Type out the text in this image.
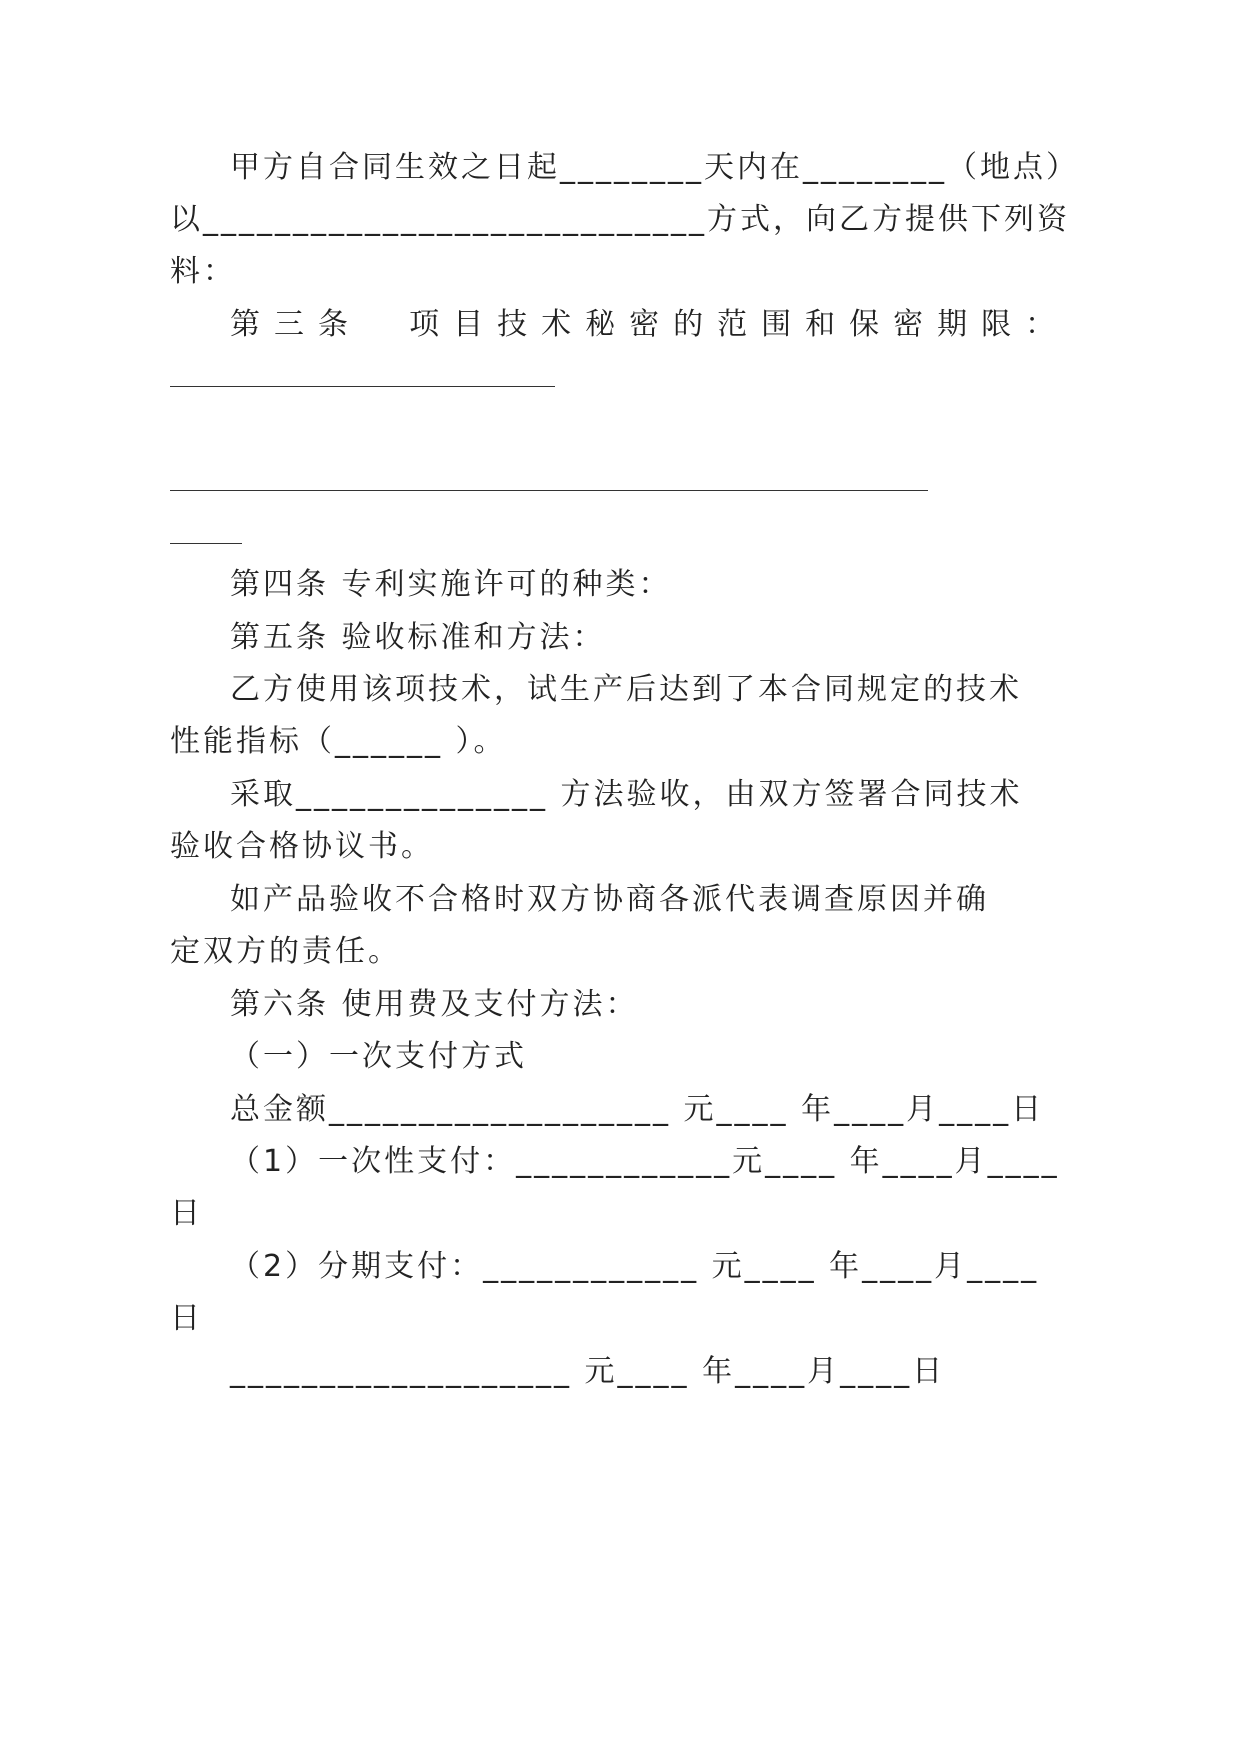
甲方自合同生效之日起________天内在________（地点）
以____________________________方式，向乙方提供下列资
料：
第三条  项目技术秘密的范围和保密期限：
第四条 专利实施许可的种类：
第五条 验收标准和方法：
乙方使用该项技术，试生产后达到了本合同规定的技术
性能指标（______ ）。
采取______________ 方法验收，由双方签署合同技术
验收合格协议书。
如产品验收不合格时双方协商各派代表调查原因并确
定双方的责任。
第六条 使用费及支付方法：
（一）一次支付方式
总金额___________________ 元____ 年____月____日
（1）一次性支付：____________元____ 年____月____
日
（2）分期支付：____________ 元____ 年____月____
日
___________________ 元____ 年____月____日
